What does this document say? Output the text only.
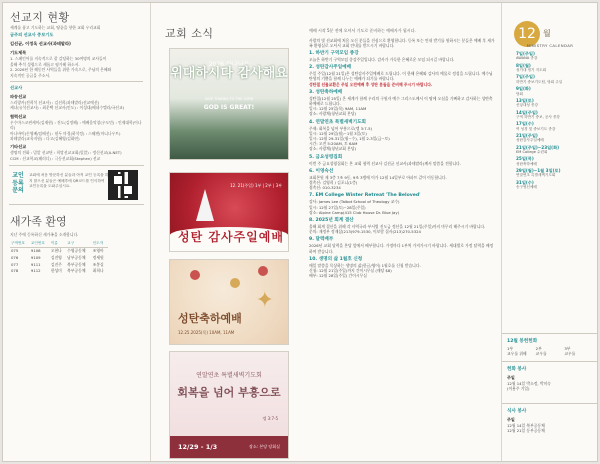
선교지 현황
세계를 품고 기도하는 교회, 땅끝을 향한 교회 우리교회
금주의 선교사 중보기도
김선균, 이정옥 선교사(과테말라)
기도제목
1. 스페인어를 지속적으로 잘 감당하는 30여명의 교사들이
올해 추석 성령으로 새롭고 평가해 하소서.
2. 2026년 한 해동안 사역들을 위한 가속으로, 주님의 은혜와
지속적인 공급을 주소서.
선교사
파송선교
스리랑카(전희석 선교사) : 김선희(과테말라/선교에선)
케냐(유석선교사) : 최운택 선교사(인도) : 이성대(베네수엘라/국선교)
협력선교
우수마스코핀케이(김재현) : 진도(김정해) : 예배음악창(우도민) : 인제대학(이나리)
아나바이(손영배/임배선) : 원두 마경(하석정) : 스웨덴(마니나우트)
과테말라(교육지원) : 다고(김혜영/김화연)
기타선교
생명의 전화 : 밀알 선교단 : 희망선교교회(밀알) : 정신선교(A-NET)
CCM : 선교학교(패러디) : 극동선교회(Stephen) 선교
교인 등록 문의
교회에 처음 방문하신 분들과 아직 교인 등록을 하지 않으신 분들은 예배후에 QR코드를 인식하여 교인등록을 도와주십시요.
새가족 환영
지난 주에 등록하신 새가족을 소개합니다.
구역번호	교인번호	이름	교구	인도자
075	9108	오현나	수영공동체	조영아
076	9109	김진영	남부공동체	정세원
077	9111	김진주	북부공동체	조봉실
078	9112	한성미	북부공동체	최희나
교회 소식
2026 하나님은
위대하시다 감사해요
GIVE THANKS TO THE LORD
GOD IS GREAT!
12. 21(주일) 1부 | 2부 | 3부
성탄 감사주일예배
✦
성탄축하예배
12.25.2025(목) 10AM, 11AM
연말연초 특별새벽기도회
회복을 넘어 부흥으로
엡 3:7-5
12/29 - 1/3	장소: 본당 당회실
예배 시작 5분 전에 오셔서 기도로 준비하는 예배자가 됩시다.
사랑의 빛 선교회에 처음 오신 분들을 진심으로 환영합니다. 등록 또는 안내 받기를 원하시는 분들은 예배 후 새가족 환영실로 오셔서 교회 안내를 받으시기 바랍니다.
1. 하반기 구역모임 종강
오늘은 하반기 구역모임 종강주일입니다. 감사가 가득한 은혜로운 모임 되시길 바랍니다.
2. 성탄감사주일예배
주일 주일(12월 21일)은 성탄감사주일예배로 드립니다. 이 한해 은혜와 감사의 예물로 정성을 드립니다. 예수님 탄생의 기쁨을 함께 나누는 예배가 되기를 바랍니다.
성탄절 선물교환은 주일 오전예배 후 성탄 분들을 준비해 주시기 바랍니다.
3. 성탄축하예배
성탄절(12월 25일) 온 세계가 함께 우리의 구원자 예수 그리스도께서 이 땅에 오심을 기뻐하고 감사하는 성탄축하예배로 드립니다.
일시: 12월 25일(목) 9AM, 11AM
장소: 사랑채(청년교회 본당)
4. 연말연초 특별새벽기도회
주제: 회복을 넘어 부흥으로(엡 3:7-5)
일시: 12월 29일(월)~1월 3일(토)
일시: 12월 29-31일(월~수), 1월 2-3일(금~토)
시간: 오전 5:20AM, 토 6AM
장소: 사랑채(청년교회 본당)
5. 금요성령집회
이번 주 금요성령집회는 본 교회 협력 선교사 김선균 선교사(과테말라)께서 말씀을 전합니다.
6. 이영숙선
교회본원 제 3층 7조 9동, 9조 3병에 이가 12월 14일부로 아파트 같이 이동합니다.
접촉선: 김영희 / 김포니(1층)
접촉선: 010-3234
7. EM College Winter Retreat 'The Beloved'
강사: James Lee (Talbot School of Theology 교수)
일시: 12월 27일(토)~28일(주일)
장소: Alpine Camp(415 Club House Dr. Blue Jay)
8. 2025년 회계 결산
올해 회계 결산을 위해 각 사역국과 부서별 진도금 정산을 12월 21일(주일)까지 마무리 해주시기 바랍니다.
문의: 재정부 정재삼(213)979-1530, 이보람 집사(213)270-5324
9. 달력배부
2026년 교회 달력을 본당 앞에서 배부합니다. 가정마다 1부씩 가져가시기 바랍니다. 세대별로 가정 달력을 배정하여 받습니다.
10. 생명의 삶 1월호 신청
매일 말씀을 묵상하는 생명의 삶(한글/영어) 1월호를 신청 받습니다.
신청: 12월 21일(주일)까지 간이시무실 (매당 $8)
배부: 12월 28일(주일) 간이시무실
12 월
MINISTRY CALENDAR
7일(주일)
AWANA 종강
8일(월)
성가대 정기 지도회
7일(주일)
하반기 중보기도팀, 당회 주일
9일(화)
당회
13일(토)
신앙대성 종강
14일(주일)
구역 하반기 중보, 공사 종강
17일(수)
여 성경 및 중보기도 종강
21일(주일)
성탄감사주일예배
21일(주일)~23일(화)
EM College 수련회
25일(목)
성탄축하예배
29일(월)~1월 3일(토)
연말연초 특별새벽기도회
31일(수)
송구영신예배
12월 봉헌헌화
1부
교우를 위해
2부
교우를
3부
교우를
헌화 봉사
주일
12월 14일 박소정, 박미숙
(이용주 기일)
식사 봉사
주일
12월 14일 북부공동체
12월 21일 동부공동체
